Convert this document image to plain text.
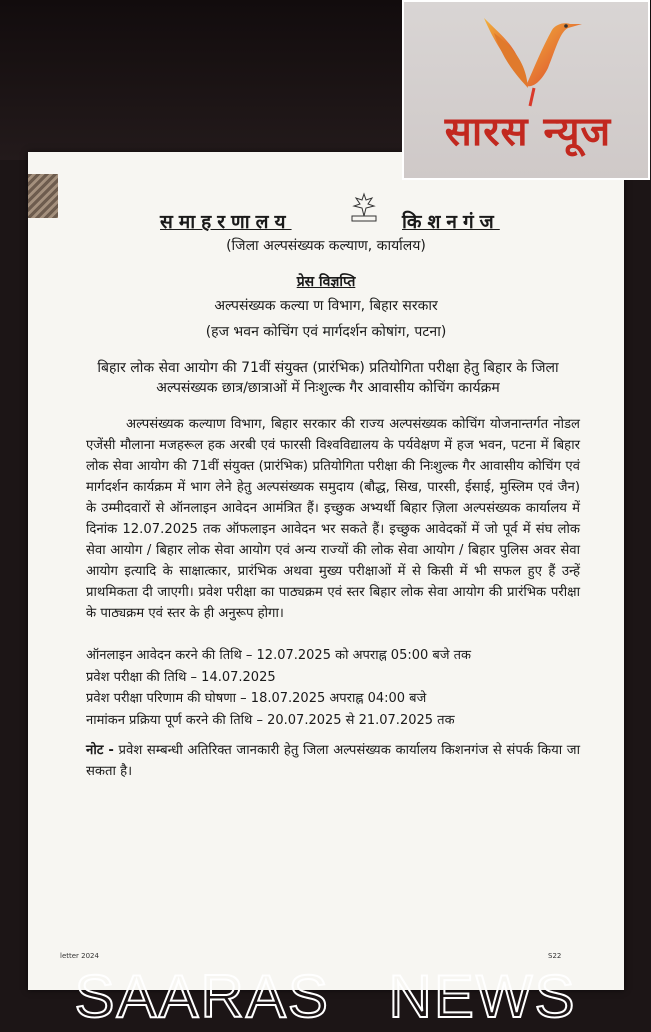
समाहरणालय	किशनगंज
(जिला अल्पसंख्यक कल्याण, कार्यालय)
प्रेस विज्ञप्ति
अल्पसंख्यक कल्या ण विभाग, बिहार सरकार
(हज भवन कोचिंग एवं मार्गदर्शन कोषांग, पटना)
बिहार लोक सेवा आयोग की 71वीं संयुक्त (प्रारंभिक) प्रतियोगिता परीक्षा हेतु बिहार के जिला अल्पसंख्यक छात्र/छात्राओं में निःशुल्क गैर आवासीय कोचिंग कार्यक्रम

अल्पसंख्यक कल्याण विभाग, बिहार सरकार की राज्य अल्पसंख्यक कोचिंग योजनान्तर्गत नोडल एजेंसी मौलाना मजहरूल हक अरबी एवं फारसी विश्वविद्यालय के पर्यवेक्षण में हज भवन, पटना में बिहार लोक सेवा आयोग की 71वीं संयुक्त (प्रारंभिक) प्रतियोगिता परीक्षा की निःशुल्क गैर आवासीय कोचिंग एवं मार्गदर्शन कार्यक्रम में भाग लेने हेतु अल्पसंख्यक समुदाय (बौद्ध, सिख, पारसी, ईसाई, मुस्लिम एवं जैन) के उम्मीदवारों से ऑनलाइन आवेदन आमंत्रित हैं। इच्छुक अभ्यर्थी बिहार ज़िला अल्पसंख्यक कार्यालय में दिनांक 12.07.2025 तक ऑफलाइन आवेदन भर सकते हैं। इच्छुक आवेदकों में जो पूर्व में संघ लोक सेवा आयोग / बिहार लोक सेवा आयोग एवं अन्य राज्यों की लोक सेवा आयोग / बिहार पुलिस अवर सेवा आयोग इत्यादि के साक्षात्कार, प्रारंभिक अथवा मुख्य परीक्षाओं में से किसी में भी सफल हुए हैं उन्हें प्राथमिकता दी जाएगी। प्रवेश परीक्षा का पाठ्यक्रम एवं स्तर बिहार लोक सेवा आयोग की प्रारंभिक परीक्षा के पाठ्यक्रम एवं स्तर के ही अनुरूप होगा।

ऑनलाइन आवेदन करने की तिथि – 12.07.2025 को अपराह्न 05:00 बजे तक
प्रवेश परीक्षा की तिथि – 14.07.2025
प्रवेश परीक्षा परिणाम की घोषणा – 18.07.2025 अपराह्न 04:00 बजे
नामांकन प्रक्रिया पूर्ण करने की तिथि – 20.07.2025 से 21.07.2025 तक

नोट - प्रवेश सम्बन्धी अतिरिक्त जानकारी हेतु जिला अल्पसंख्यक कार्यालय किशनगंज से संपर्क किया जा सकता है।

letter 2024	S22
सारस न्यूज
SAARAS NEWS
